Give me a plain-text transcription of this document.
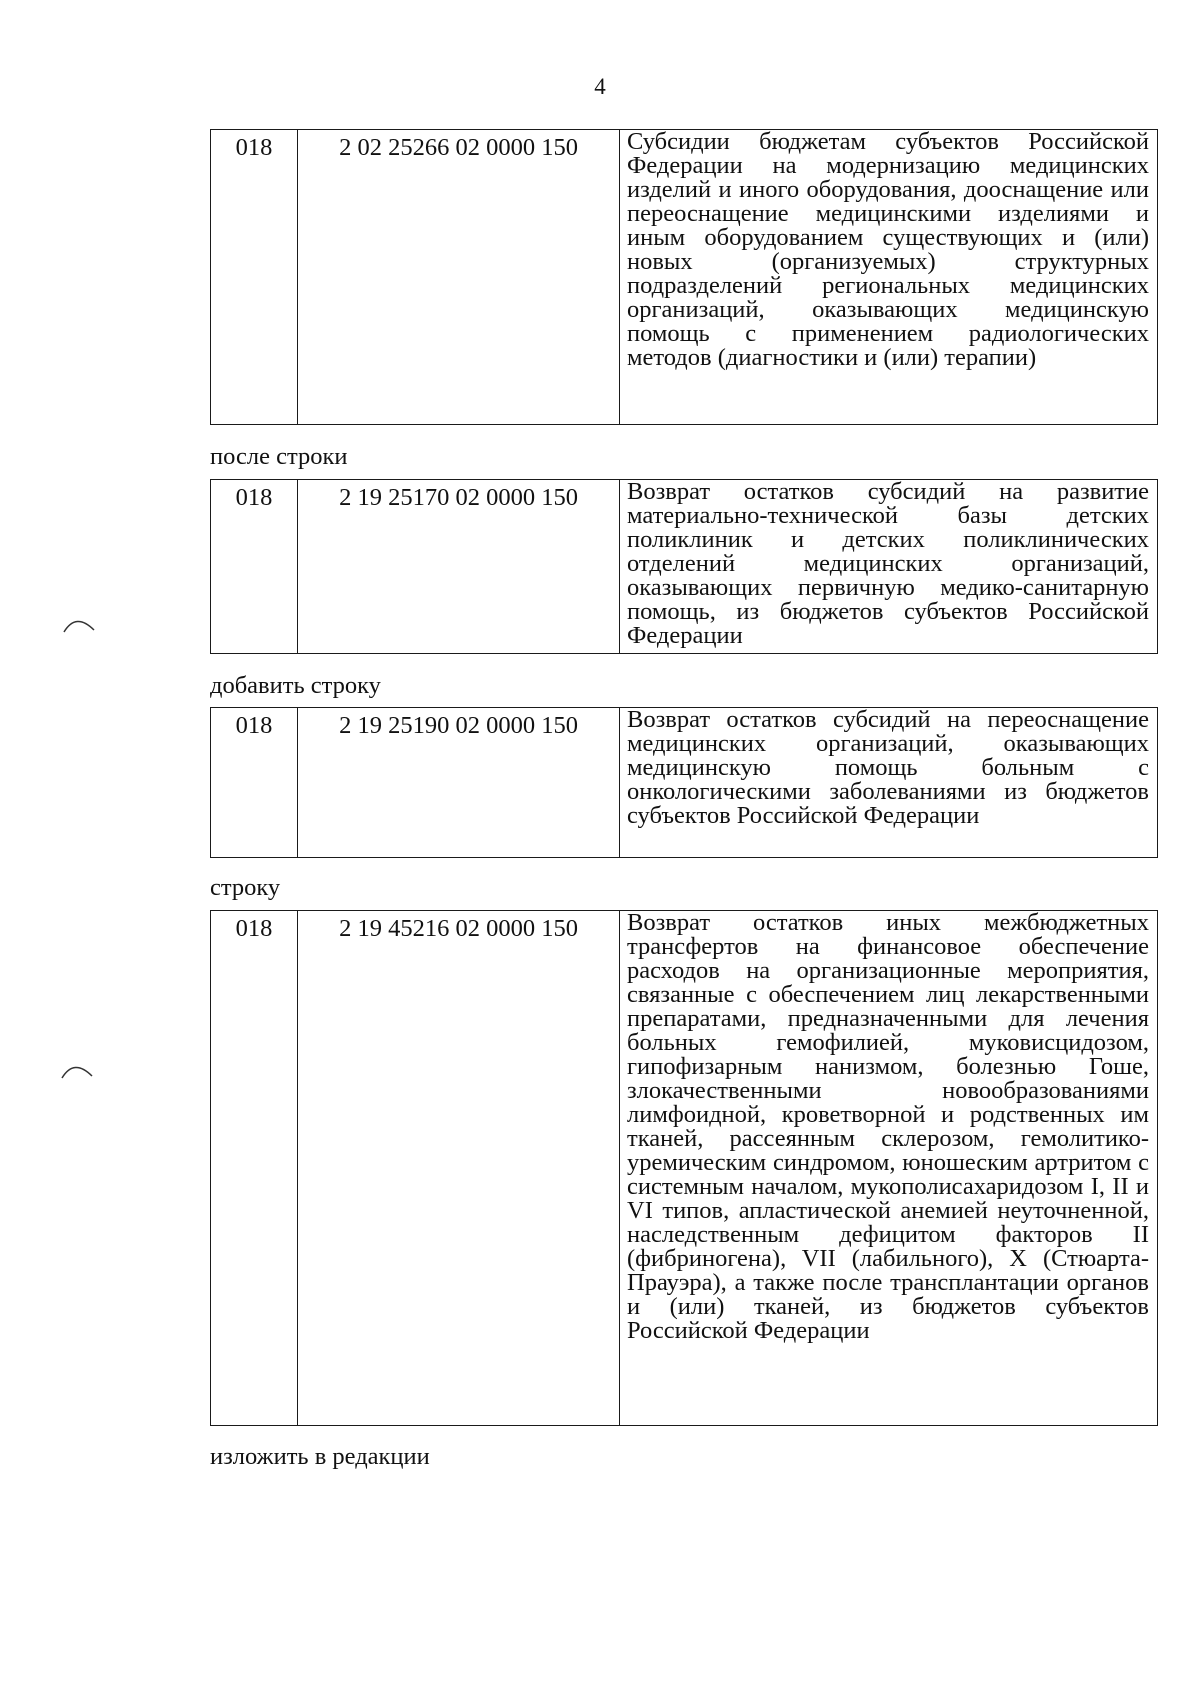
4
018	2 02 25266 02 0000 150	Субсидии бюджетам субъектов Российской Федерации на модернизацию медицинских изделий и иного оборудования, дооснащение или переоснащение медицинскими изделиями и иным оборудованием существующих и (или) новых (организуемых) структурных подразделений региональных медицинских организаций, оказывающих медицинскую помощь с применением радиологических методов (диагностики и (или) терапии)
после строки
018	2 19 25170 02 0000 150	Возврат остатков субсидий на развитие материально-технической базы детских поликлиник и детских поликлинических отделений медицинских организаций, оказывающих первичную медико-санитарную помощь, из бюджетов субъектов Российской Федерации
добавить строку
018	2 19 25190 02 0000 150	Возврат остатков субсидий на переоснащение медицинских организаций, оказывающих медицинскую помощь больным с онкологическими заболеваниями из бюджетов субъектов Российской Федерации
строку
018	2 19 45216 02 0000 150	Возврат остатков иных межбюджетных трансфертов на финансовое обеспечение расходов на организационные мероприятия, связанные с обеспечением лиц лекарственными препаратами, предназначенными для лечения больных гемофилией, муковисцидозом, гипофизарным нанизмом, болезнью Гоше, злокачественными новообразованиями лимфоидной, кроветворной и родственных им тканей, рассеянным склерозом, гемолитико-уремическим синдромом, юношеским артритом с системным началом, мукополисахаридозом I, II и VI типов, апластической анемией неуточненной, наследственным дефицитом факторов II (фибриногена), VII (лабильного), X (Стюарта-Прауэра), а также после трансплантации органов и (или) тканей, из бюджетов субъектов Российской Федерации
изложить в редакции
